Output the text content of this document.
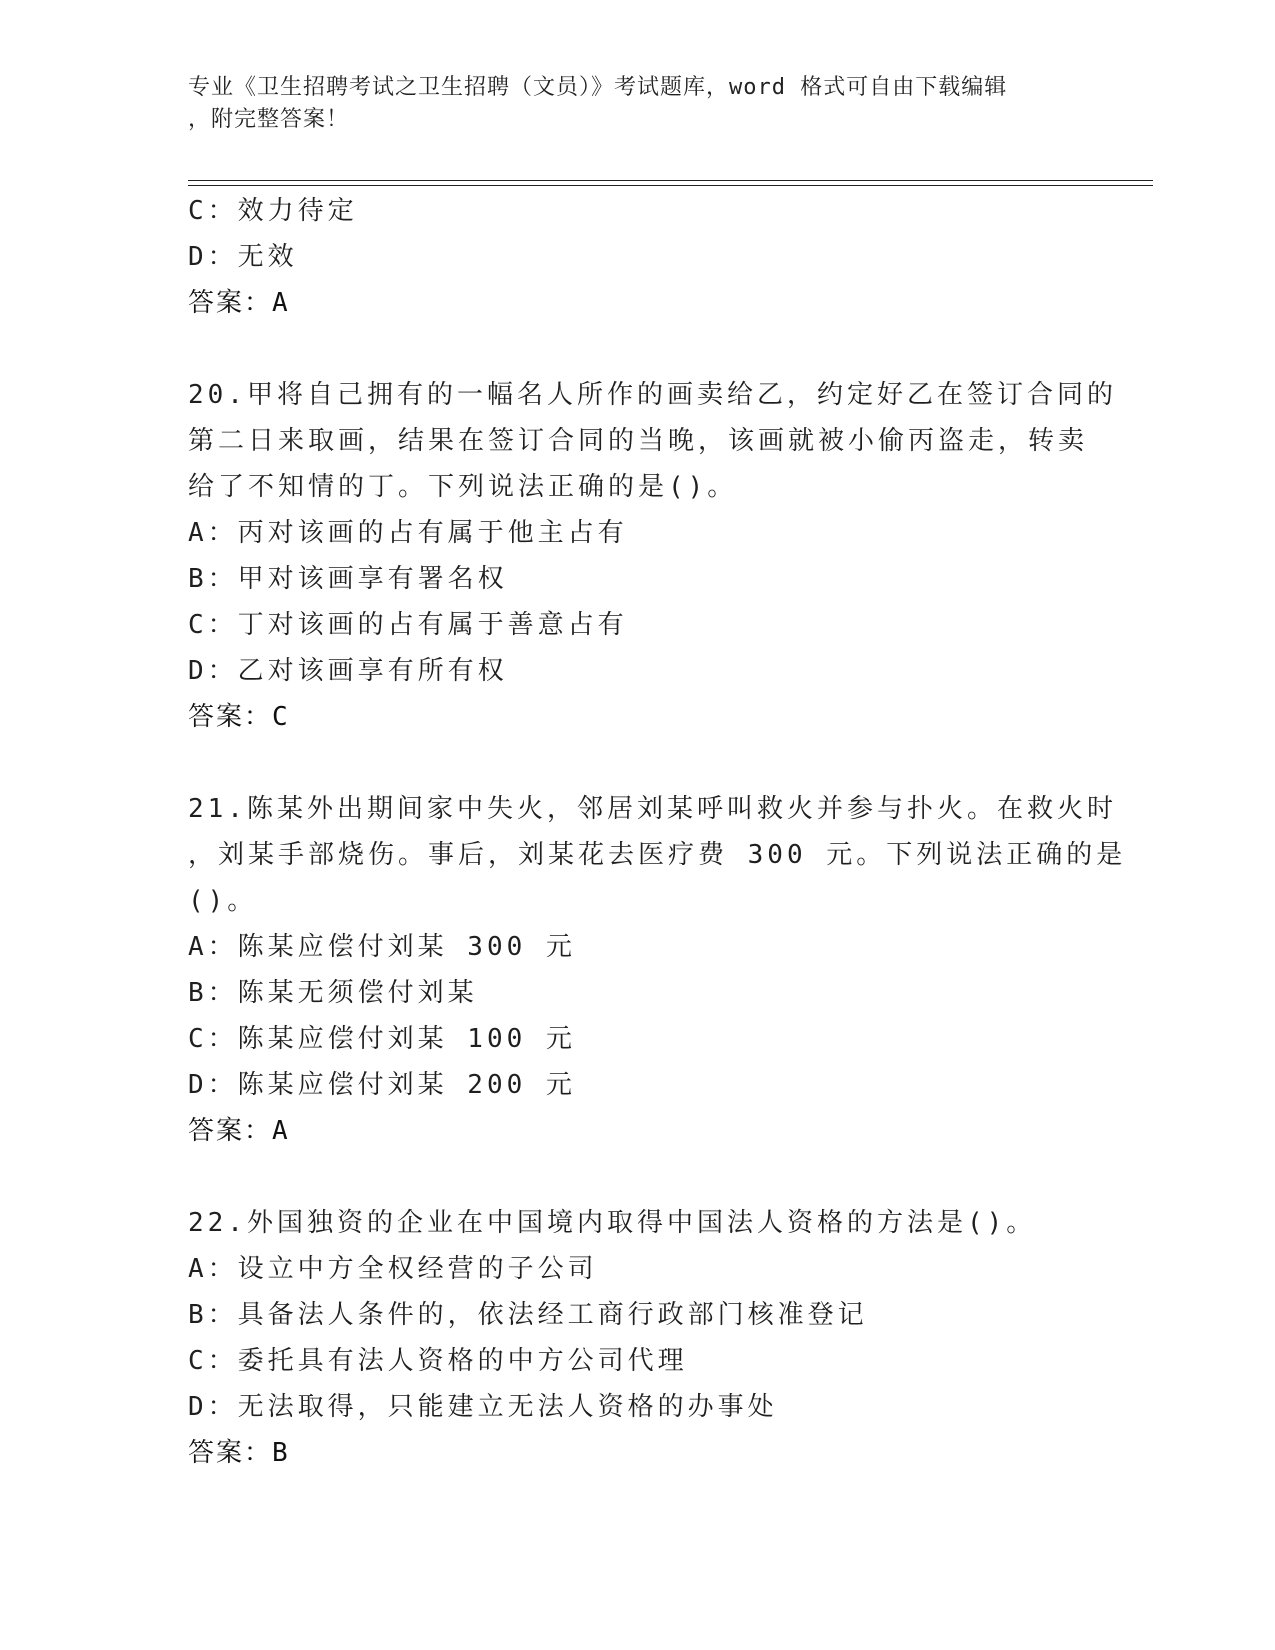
专业《卫生招聘考试之卫生招聘（文员）》考试题库，word 格式可自由下载编辑
，附完整答案！
C：效力待定
D：无效
答案：A
20.甲将自己拥有的一幅名人所作的画卖给乙，约定好乙在签订合同的
第二日来取画，结果在签订合同的当晚，该画就被小偷丙盗走，转卖
给了不知情的丁。下列说法正确的是()。
A：丙对该画的占有属于他主占有
B：甲对该画享有署名权
C：丁对该画的占有属于善意占有
D：乙对该画享有所有权
答案：C
21.陈某外出期间家中失火，邻居刘某呼叫救火并参与扑火。在救火时
，刘某手部烧伤。事后，刘某花去医疗费 300 元。下列说法正确的是
()。
A：陈某应偿付刘某 300 元
B：陈某无须偿付刘某
C：陈某应偿付刘某 100 元
D：陈某应偿付刘某 200 元
答案：A
22.外国独资的企业在中国境内取得中国法人资格的方法是()。
A：设立中方全权经营的子公司
B：具备法人条件的，依法经工商行政部门核准登记
C：委托具有法人资格的中方公司代理
D：无法取得，只能建立无法人资格的办事处
答案：B
